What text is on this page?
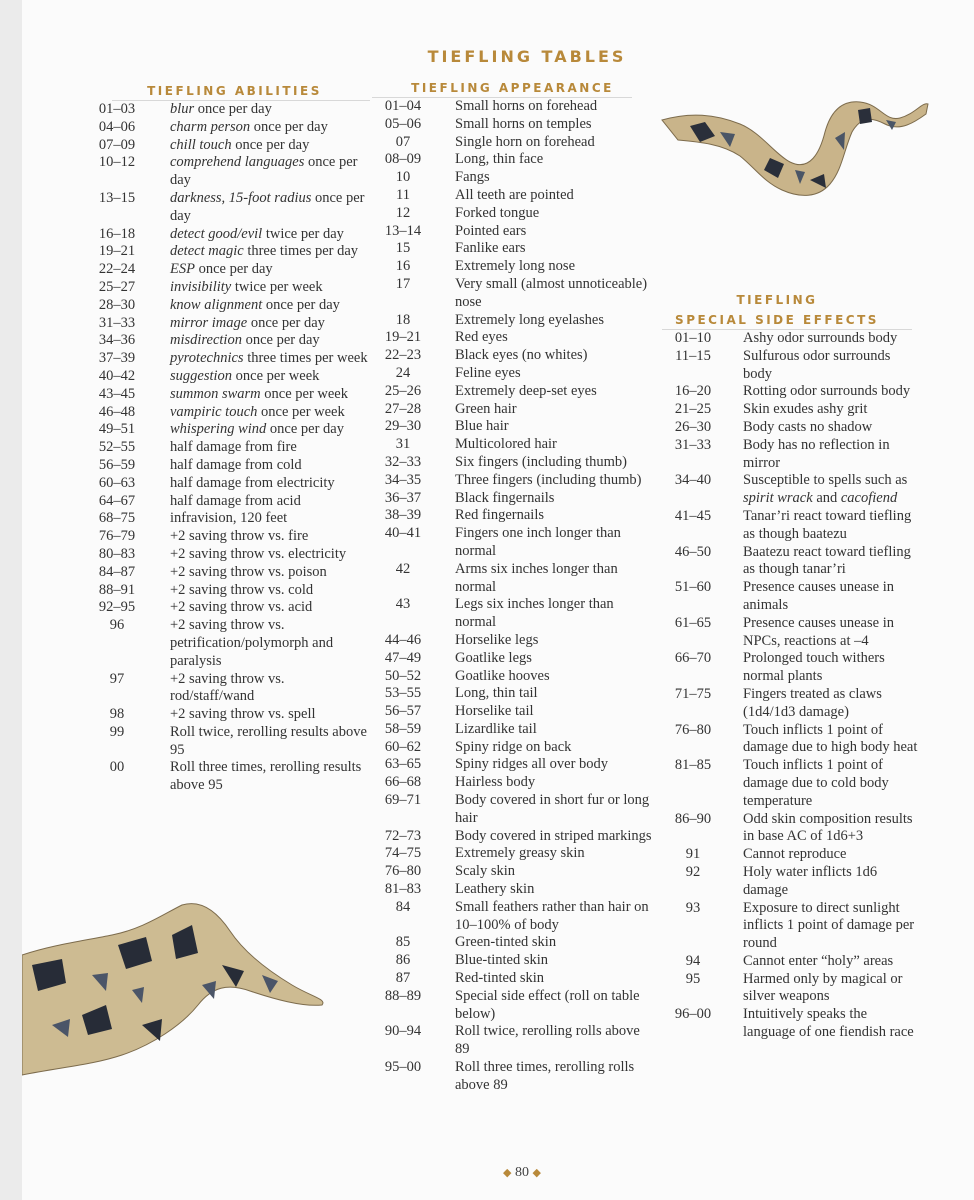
TIEFLING TABLES
TIEFLING ABILITIES
01–03	blur once per day
04–06	charm person once per day
07–09	chill touch once per day
10–12	comprehend languages once per day
13–15	darkness, 15-foot radius once per day
16–18	detect good/evil twice per day
19–21	detect magic three times per day
22–24	ESP once per day
25–27	invisibility twice per week
28–30	know alignment once per day
31–33	mirror image once per day
34–36	misdirection once per day
37–39	pyrotechnics three times per week
40–42	suggestion once per week
43–45	summon swarm once per week
46–48	vampiric touch once per week
49–51	whispering wind once per day
52–55	half damage from fire
56–59	half damage from cold
60–63	half damage from electricity
64–67	half damage from acid
68–75	infravision, 120 feet
76–79	+2 saving throw vs. fire
80–83	+2 saving throw vs. electricity
84–87	+2 saving throw vs. poison
88–91	+2 saving throw vs. cold
92–95	+2 saving throw vs. acid
96	+2 saving throw vs. petrification/polymorph and paralysis
97	+2 saving throw vs. rod/staff/wand
98	+2 saving throw vs. spell
99	Roll twice, rerolling results above 95
00	Roll three times, rerolling results above 95
TIEFLING APPEARANCE
01–04	Small horns on forehead
05–06	Small horns on temples
07	Single horn on forehead
08–09	Long, thin face
10	Fangs
11	All teeth are pointed
12	Forked tongue
13–14	Pointed ears
15	Fanlike ears
16	Extremely long nose
17	Very small (almost unnoticeable) nose
18	Extremely long eyelashes
19–21	Red eyes
22–23	Black eyes (no whites)
24	Feline eyes
25–26	Extremely deep-set eyes
27–28	Green hair
29–30	Blue hair
31	Multicolored hair
32–33	Six fingers (including thumb)
34–35	Three fingers (including thumb)
36–37	Black fingernails
38–39	Red fingernails
40–41	Fingers one inch longer than normal
42	Arms six inches longer than normal
43	Legs six inches longer than normal
44–46	Horselike legs
47–49	Goatlike legs
50–52	Goatlike hooves
53–55	Long, thin tail
56–57	Horselike tail
58–59	Lizardlike tail
60–62	Spiny ridge on back
63–65	Spiny ridges all over body
66–68	Hairless body
69–71	Body covered in short fur or long hair
72–73	Body covered in striped markings
74–75	Extremely greasy skin
76–80	Scaly skin
81–83	Leathery skin
84	Small feathers rather than hair on 10–100% of body
85	Green-tinted skin
86	Blue-tinted skin
87	Red-tinted skin
88–89	Special side effect (roll on table below)
90–94	Roll twice, rerolling rolls above 89
95–00	Roll three times, rerolling rolls above 89
TIEFLING
SPECIAL SIDE EFFECTS
01–10	Ashy odor surrounds body
11–15	Sulfurous odor surrounds body
16–20	Rotting odor surrounds body
21–25	Skin exudes ashy grit
26–30	Body casts no shadow
31–33	Body has no reflection in mirror
34–40	Susceptible to spells such as spirit wrack and cacofiend
41–45	Tanar’ri react toward tiefling as though baatezu
46–50	Baatezu react toward tiefling as though tanar’ri
51–60	Presence causes unease in animals
61–65	Presence causes unease in NPCs, reactions at –4
66–70	Prolonged touch withers normal plants
71–75	Fingers treated as claws (1d4/1d3 damage)
76–80	Touch inflicts 1 point of damage due to high body heat
81–85	Touch inflicts 1 point of damage due to cold body temperature
86–90	Odd skin composition results in base AC of 1d6+3
91	Cannot reproduce
92	Holy water inflicts 1d6 damage
93	Exposure to direct sunlight inflicts 1 point of damage per round
94	Cannot enter “holy” areas
95	Harmed only by magical or silver weapons
96–00	Intuitively speaks the language of one fiendish race
◆ 80 ◆
